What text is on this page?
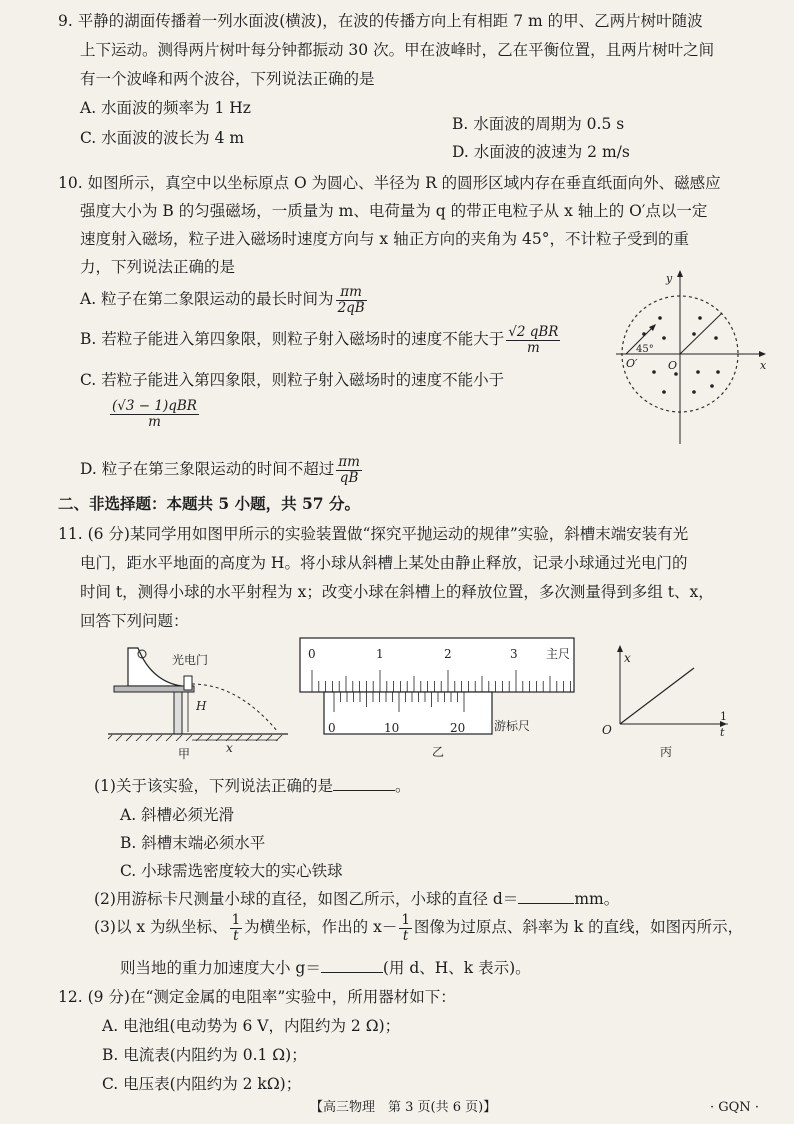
9. 平静的湖面传播着一列水面波(横波)，在波的传播方向上有相距 7 m 的甲、乙两片树叶随波
上下运动。测得两片树叶每分钟都振动 30 次。甲在波峰时，乙在平衡位置，且两片树叶之间
有一个波峰和两个波谷，下列说法正确的是
A. 水面波的频率为 1 Hz
B. 水面波的周期为 0.5 s
C. 水面波的波长为 4 m
D. 水面波的波速为 2 m/s
10. 如图所示，真空中以坐标原点 O 为圆心、半径为 R 的圆形区域内存在垂直纸面向外、磁感应
强度大小为 B 的匀强磁场，一质量为 m、电荷量为 q 的带正电粒子从 x 轴上的 O′点以一定
速度射入磁场，粒子进入磁场时速度方向与 x 轴正方向的夹角为 45°，不计粒子受到的重
力，下列说法正确的是
A. 粒子在第二象限运动的最长时间为 $\frac{\pi m}{2qB}$
B. 若粒子能进入第四象限，则粒子射入磁场时的速度不能大于 $\frac{\text{√2 qBR}}{m}$
C. 若粒子能进入第四象限，则粒子射入磁场时的速度不能小于
$\frac{\text{(√3 − 1)qBR}}{m}$
D. 粒子在第三象限运动的时间不超过 $\frac{\pi m}{qB}$
y
x
O
O′
45°
二、非选择题：本题共 5 小题，共 57 分。
11. (6 分)某同学用如图甲所示的实验装置做“探究平抛运动的规律”实验，斜槽末端安装有光
电门，距水平地面的高度为 H。将小球从斜槽上某处由静止释放，记录小球通过光电门的
时间 t，测得小球的水平射程为 x；改变小球在斜槽上的释放位置，多次测量得到多组 t、x，
回答下列问题：
光电门
H
x
甲
0	1	2	3 主尺
0	10	20 游标尺
乙
x
1
t
O
丙
(1)关于该实验，下列说法正确的是	。
A. 斜槽必须光滑
B. 斜槽末端必须水平
C. 小球需选密度较大的实心铁球
(2)用游标卡尺测量小球的直径，如图乙所示，小球的直径 d＝	mm。
(3)以 x 为纵坐标、 $\frac{1}{t}$ 为横坐标，作出的 $x- \frac{1}{t}$ 图像为过原点、斜率为 k 的直线，如图丙所示，
则当地的重力加速度大小 g＝	(用 d、H、k 表示)。
12. (9 分)在“测定金属的电阻率”实验中，所用器材如下：
A. 电池组(电动势为 6 V，内阻约为 2 Ω)；
B. 电流表(内阻约为 0.1 Ω)；
C. 电压表(内阻约为 2 kΩ)；
【高三物理　第 3 页(共 6 页)】	· GQN ·
